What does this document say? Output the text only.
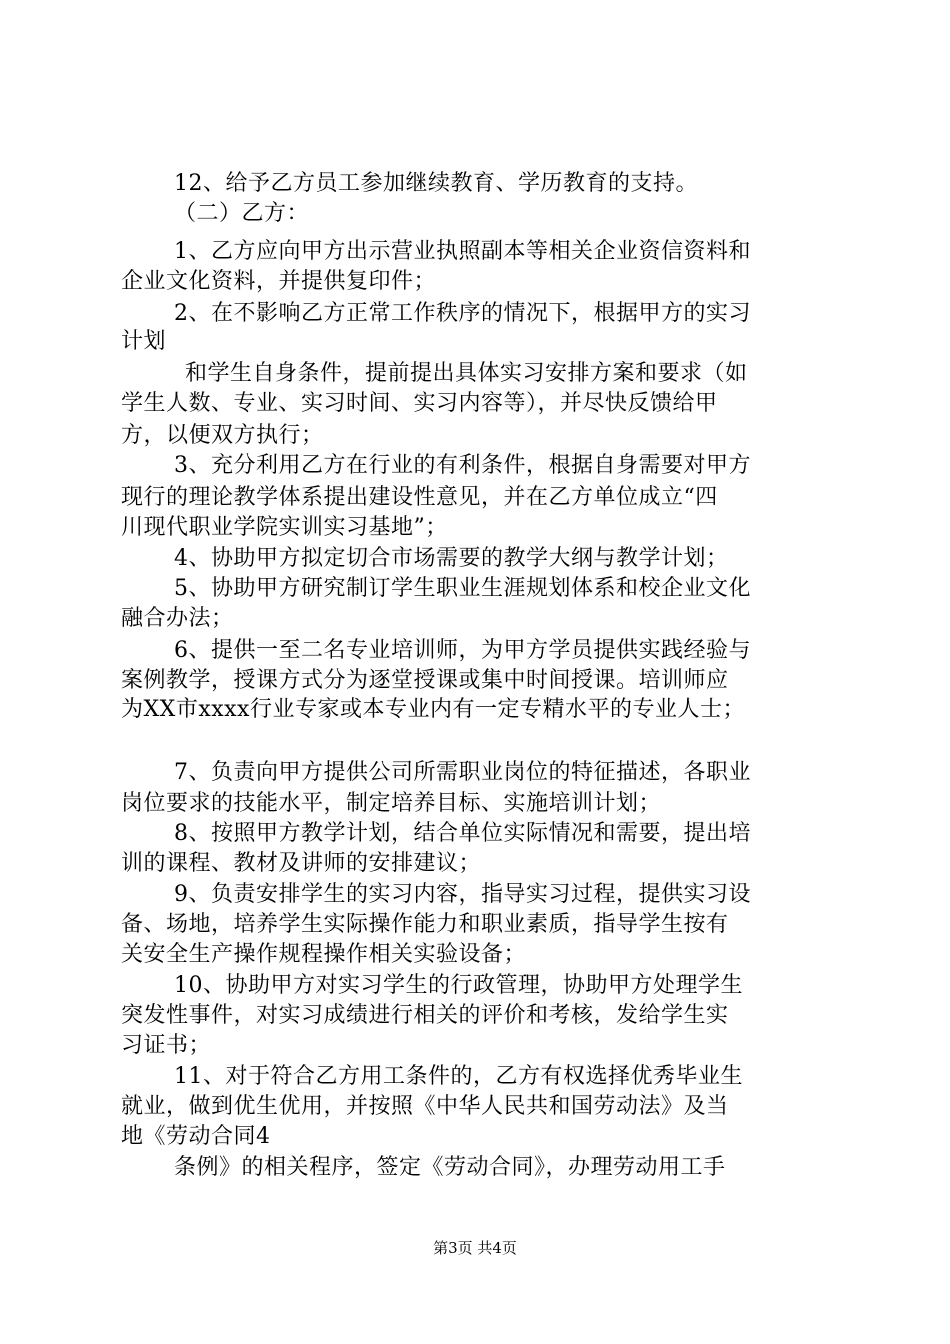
12、给予乙方员工参加继续教育、学历教育的支持。
（二）乙方：
1、乙方应向甲方出示营业执照副本等相关企业资信资料和
企业文化资料，并提供复印件；
2、在不影响乙方正常工作秩序的情况下，根据甲方的实习
计划
和学生自身条件，提前提出具体实习安排方案和要求（如
学生人数、专业、实习时间、实习内容等），并尽快反馈给甲
方，以便双方执行；
3、充分利用乙方在行业的有利条件，根据自身需要对甲方
现行的理论教学体系提出建设性意见，并在乙方单位成立“四
川现代职业学院实训实习基地”；
4、协助甲方拟定切合市场需要的教学大纲与教学计划；
5、协助甲方研究制订学生职业生涯规划体系和校企业文化
融合办法；
6、提供一至二名专业培训师，为甲方学员提供实践经验与
案例教学，授课方式分为逐堂授课或集中时间授课。培训师应
为XX市xxxx行业专家或本专业内有一定专精水平的专业人士；
7、负责向甲方提供公司所需职业岗位的特征描述，各职业
岗位要求的技能水平，制定培养目标、实施培训计划；
8、按照甲方教学计划，结合单位实际情况和需要，提出培
训的课程、教材及讲师的安排建议；
9、负责安排学生的实习内容，指导实习过程，提供实习设
备、场地，培养学生实际操作能力和职业素质，指导学生按有
关安全生产操作规程操作相关实验设备；
10、协助甲方对实习学生的行政管理，协助甲方处理学生
突发性事件，对实习成绩进行相关的评价和考核，发给学生实
习证书；
11、对于符合乙方用工条件的，乙方有权选择优秀毕业生
就业，做到优生优用，并按照《中华人民共和国劳动法》及当
地《劳动合同4
条例》的相关程序，签定《劳动合同》，办理劳动用工手
第3页 共4页
